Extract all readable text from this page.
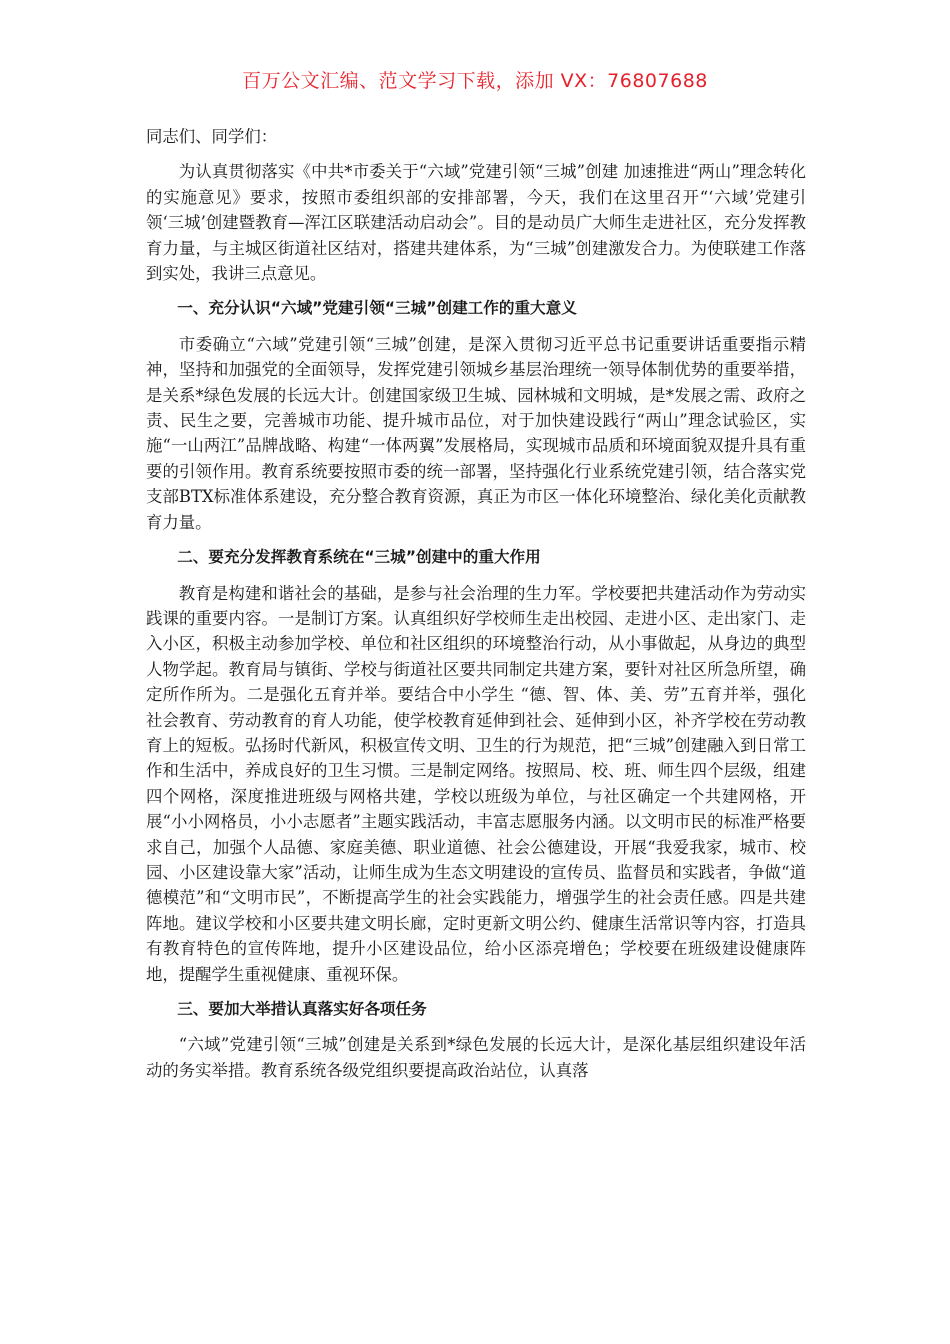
百万公文汇编、范文学习下载，添加 VX：76807688

同志们、同学们：

为认真贯彻落实《中共*市委关于“六域”党建引领“三城”创建 加速推进“两山”理念转化的实施意见》要求，按照市委组织部的安排部署，今天，我们在这里召开“‘六域’党建引领‘三城’创建暨教育—浑江区联建活动启动会”。目的是动员广大师生走进社区，充分发挥教育力量，与主城区街道社区结对，搭建共建体系，为“三城”创建激发合力。为使联建工作落到实处，我讲三点意见。

一、充分认识“六域”党建引领“三城”创建工作的重大意义

市委确立“六域”党建引领“三城”创建，是深入贯彻习近平总书记重要讲话重要指示精神，坚持和加强党的全面领导，发挥党建引领城乡基层治理统一领导体制优势的重要举措，是关系*绿色发展的长远大计。创建国家级卫生城、园林城和文明城，是*发展之需、政府之责、民生之要，完善城市功能、提升城市品位，对于加快建设践行“两山”理念试验区，实施“一山两江”品牌战略、构建“一体两翼”发展格局，实现城市品质和环境面貌双提升具有重要的引领作用。教育系统要按照市委的统一部署，坚持强化行业系统党建引领，结合落实党支部BTX标准体系建设，充分整合教育资源，真正为市区一体化环境整治、绿化美化贡献教育力量。

二、要充分发挥教育系统在“三城”创建中的重大作用

教育是构建和谐社会的基础，是参与社会治理的生力军。学校要把共建活动作为劳动实践课的重要内容。一是制订方案。认真组织好学校师生走出校园、走进小区、走出家门、走入小区，积极主动参加学校、单位和社区组织的环境整治行动，从小事做起，从身边的典型人物学起。教育局与镇街、学校与街道社区要共同制定共建方案，要针对社区所急所望，确定所作所为。二是强化五育并举。要结合中小学生 “德、智、体、美、劳”五育并举，强化社会教育、劳动教育的育人功能，使学校教育延伸到社会、延伸到小区，补齐学校在劳动教育上的短板。弘扬时代新风，积极宣传文明、卫生的行为规范，把“三城”创建融入到日常工作和生活中，养成良好的卫生习惯。三是制定网络。按照局、校、班、师生四个层级，组建四个网格，深度推进班级与网格共建，学校以班级为单位，与社区确定一个共建网格，开展“小小网格员，小小志愿者”主题实践活动，丰富志愿服务内涵。以文明市民的标准严格要求自己，加强个人品德、家庭美德、职业道德、社会公德建设，开展“我爱我家，城市、校园、小区建设靠大家”活动，让师生成为生态文明建设的宣传员、监督员和实践者，争做“道德模范”和“文明市民”，不断提高学生的社会实践能力，增强学生的社会责任感。四是共建阵地。建议学校和小区要共建文明长廊，定时更新文明公约、健康生活常识等内容，打造具有教育特色的宣传阵地，提升小区建设品位，给小区添亮增色；学校要在班级建设健康阵地，提醒学生重视健康、重视环保。

三、要加大举措认真落实好各项任务

“六域”党建引领“三城”创建是关系到*绿色发展的长远大计，是深化基层组织建设年活动的务实举措。教育系统各级党组织要提高政治站位，认真落
